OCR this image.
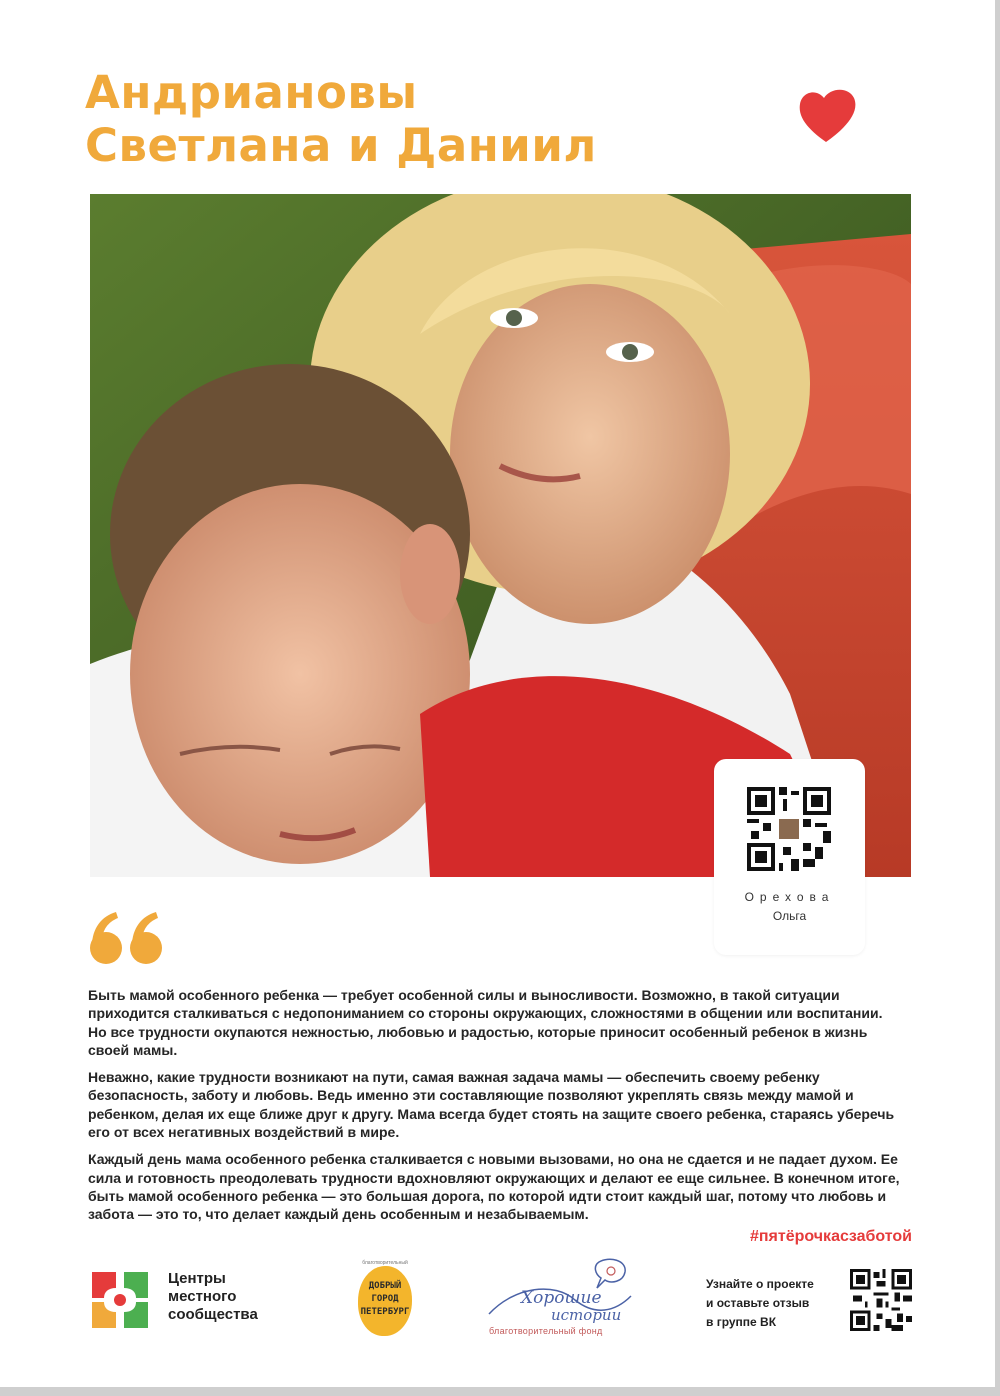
Андриановы
Светлана и Даниил
Орехова
Ольга

Быть мамой особенного ребенка — требует особенной силы и выносливости. Возможно, в такой ситуации приходится сталкиваться с недопониманием со стороны окружающих, сложностями в общении или воспитании. Но все трудности окупаются нежностью, любовью и радостью, которые приносит особенный ребенок в жизнь своей мамы.

Неважно, какие трудности возникают на пути, самая важная задача мамы — обеспечить своему ребенку безопасность, заботу и любовь. Ведь именно эти составляющие позволяют укреплять связь между мамой и ребенком, делая их еще ближе друг к другу. Мама всегда будет стоять на защите своего ребенка, стараясь уберечь его от всех негативных воздействий в мире.

Каждый день мама особенного ребенка сталкивается с новыми вызовами, но она не сдается и не падает духом. Ее сила и готовность преодолевать трудности вдохновляют окружающих и делают ее еще сильнее. В конечном итоге, быть мамой особенного ребенка — это большая дорога, по которой идти стоит каждый шаг, потому что любовь и забота — это то, что делает каждый день особенным и незабываемым.

#пятёрочкасзаботой
Центры
местного
сообщества
благотворительный
ДОБРЫЙ
ГОРОД
ПЕТЕРБУРГ
Хорошие
истории
благотворительный фонд
Узнайте о проекте
и оставьте отзыв
в группе ВК
